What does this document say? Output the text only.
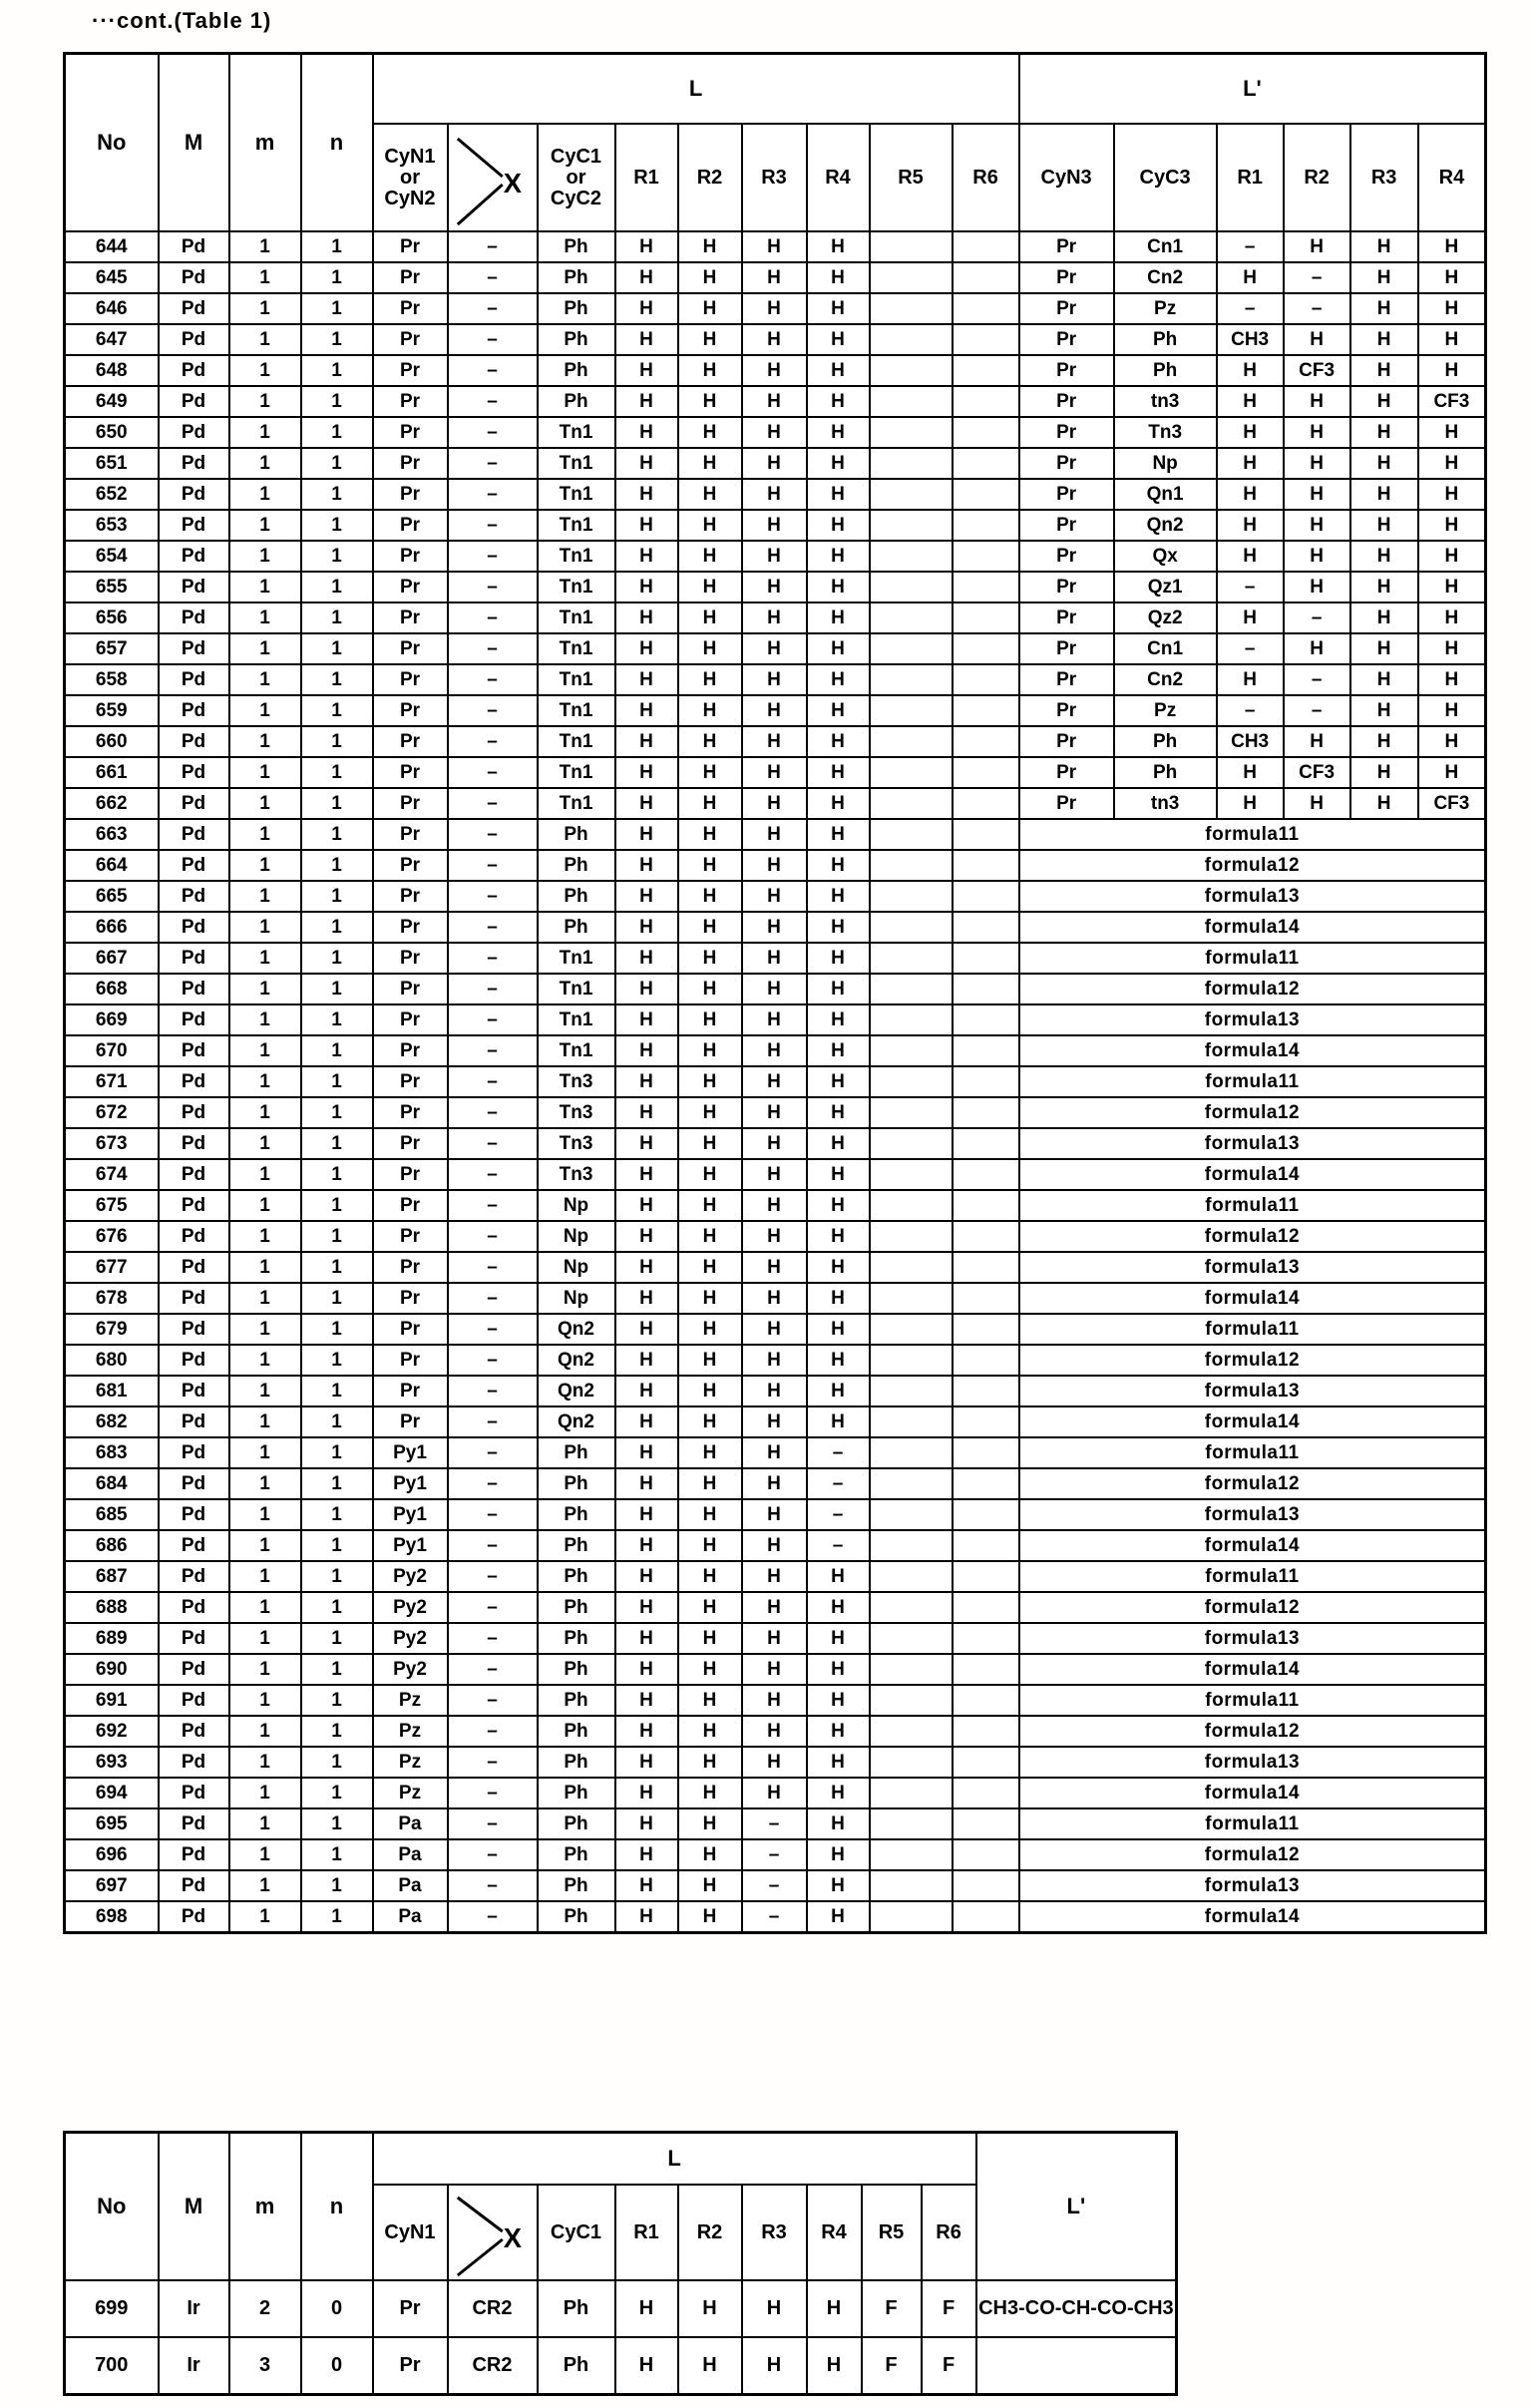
···cont.(Table 1)
No	M	m	n	L									L'					
				CyN1
or
CyN2	X	CyC1
or
CyC2	R1	R2	R3	R4	R5	R6	CyN3	CyC3	R1	R2	R3	R4
644	Pd	1	1	Pr	–	Ph	H	H	H	H			Pr	Cn1	–	H	H	H
645	Pd	1	1	Pr	–	Ph	H	H	H	H			Pr	Cn2	H	–	H	H
646	Pd	1	1	Pr	–	Ph	H	H	H	H			Pr	Pz	–	–	H	H
647	Pd	1	1	Pr	–	Ph	H	H	H	H			Pr	Ph	CH3	H	H	H
648	Pd	1	1	Pr	–	Ph	H	H	H	H			Pr	Ph	H	CF3	H	H
649	Pd	1	1	Pr	–	Ph	H	H	H	H			Pr	tn3	H	H	H	CF3
650	Pd	1	1	Pr	–	Tn1	H	H	H	H			Pr	Tn3	H	H	H	H
651	Pd	1	1	Pr	–	Tn1	H	H	H	H			Pr	Np	H	H	H	H
652	Pd	1	1	Pr	–	Tn1	H	H	H	H			Pr	Qn1	H	H	H	H
653	Pd	1	1	Pr	–	Tn1	H	H	H	H			Pr	Qn2	H	H	H	H
654	Pd	1	1	Pr	–	Tn1	H	H	H	H			Pr	Qx	H	H	H	H
655	Pd	1	1	Pr	–	Tn1	H	H	H	H			Pr	Qz1	–	H	H	H
656	Pd	1	1	Pr	–	Tn1	H	H	H	H			Pr	Qz2	H	–	H	H
657	Pd	1	1	Pr	–	Tn1	H	H	H	H			Pr	Cn1	–	H	H	H
658	Pd	1	1	Pr	–	Tn1	H	H	H	H			Pr	Cn2	H	–	H	H
659	Pd	1	1	Pr	–	Tn1	H	H	H	H			Pr	Pz	–	–	H	H
660	Pd	1	1	Pr	–	Tn1	H	H	H	H			Pr	Ph	CH3	H	H	H
661	Pd	1	1	Pr	–	Tn1	H	H	H	H			Pr	Ph	H	CF3	H	H
662	Pd	1	1	Pr	–	Tn1	H	H	H	H			Pr	tn3	H	H	H	CF3
663	Pd	1	1	Pr	–	Ph	H	H	H	H			formula11					
664	Pd	1	1	Pr	–	Ph	H	H	H	H			formula12					
665	Pd	1	1	Pr	–	Ph	H	H	H	H			formula13					
666	Pd	1	1	Pr	–	Ph	H	H	H	H			formula14					
667	Pd	1	1	Pr	–	Tn1	H	H	H	H			formula11					
668	Pd	1	1	Pr	–	Tn1	H	H	H	H			formula12					
669	Pd	1	1	Pr	–	Tn1	H	H	H	H			formula13					
670	Pd	1	1	Pr	–	Tn1	H	H	H	H			formula14					
671	Pd	1	1	Pr	–	Tn3	H	H	H	H			formula11					
672	Pd	1	1	Pr	–	Tn3	H	H	H	H			formula12					
673	Pd	1	1	Pr	–	Tn3	H	H	H	H			formula13					
674	Pd	1	1	Pr	–	Tn3	H	H	H	H			formula14					
675	Pd	1	1	Pr	–	Np	H	H	H	H			formula11					
676	Pd	1	1	Pr	–	Np	H	H	H	H			formula12					
677	Pd	1	1	Pr	–	Np	H	H	H	H			formula13					
678	Pd	1	1	Pr	–	Np	H	H	H	H			formula14					
679	Pd	1	1	Pr	–	Qn2	H	H	H	H			formula11					
680	Pd	1	1	Pr	–	Qn2	H	H	H	H			formula12					
681	Pd	1	1	Pr	–	Qn2	H	H	H	H			formula13					
682	Pd	1	1	Pr	–	Qn2	H	H	H	H			formula14					
683	Pd	1	1	Py1	–	Ph	H	H	H	–			formula11					
684	Pd	1	1	Py1	–	Ph	H	H	H	–			formula12					
685	Pd	1	1	Py1	–	Ph	H	H	H	–			formula13					
686	Pd	1	1	Py1	–	Ph	H	H	H	–			formula14					
687	Pd	1	1	Py2	–	Ph	H	H	H	H			formula11					
688	Pd	1	1	Py2	–	Ph	H	H	H	H			formula12					
689	Pd	1	1	Py2	–	Ph	H	H	H	H			formula13					
690	Pd	1	1	Py2	–	Ph	H	H	H	H			formula14					
691	Pd	1	1	Pz	–	Ph	H	H	H	H			formula11					
692	Pd	1	1	Pz	–	Ph	H	H	H	H			formula12					
693	Pd	1	1	Pz	–	Ph	H	H	H	H			formula13					
694	Pd	1	1	Pz	–	Ph	H	H	H	H			formula14					
695	Pd	1	1	Pa	–	Ph	H	H	–	H			formula11					
696	Pd	1	1	Pa	–	Ph	H	H	–	H			formula12					
697	Pd	1	1	Pa	–	Ph	H	H	–	H			formula13					
698	Pd	1	1	Pa	–	Ph	H	H	–	H			formula14					
No	M	m	n	L									L'
				CyN1	X	CyC1	R1	R2	R3	R4	R5	R6	
699	Ir	2	0	Pr	CR2	Ph	H	H	H	H	F	F	CH3-CO-CH-CO-CH3
700	Ir	3	0	Pr	CR2	Ph	H	H	H	H	F	F	
